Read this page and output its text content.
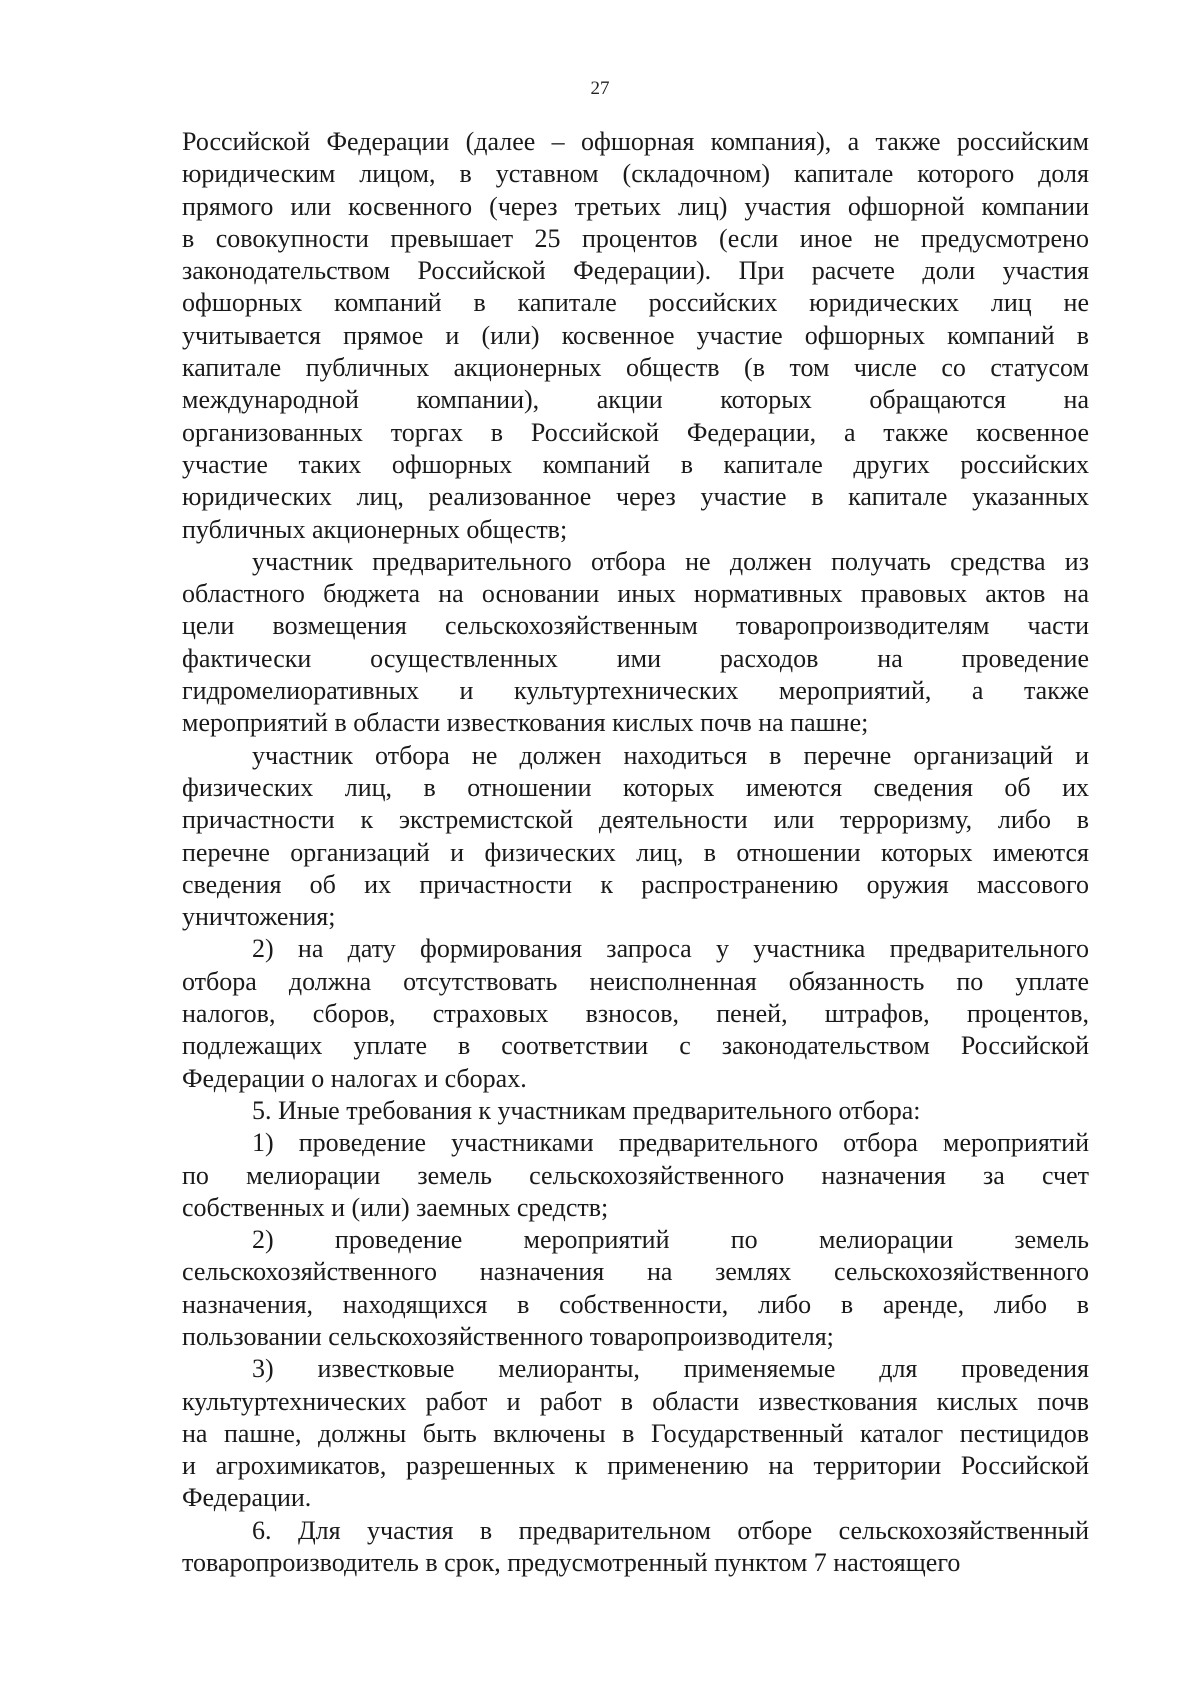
27
Российской Федерации (далее – офшорная компания), а также российским
юридическим лицом, в уставном (складочном) капитале которого доля
прямого или косвенного (через третьих лиц) участия офшорной компании
в совокупности превышает 25 процентов (если иное не предусмотрено
законодательством Российской Федерации). При расчете доли участия
офшорных компаний в капитале российских юридических лиц не
учитывается прямое и (или) косвенное участие офшорных компаний в
капитале публичных акционерных обществ (в том числе со статусом
международной компании), акции которых обращаются на
организованных торгах в Российской Федерации, а также косвенное
участие таких офшорных компаний в капитале других российских
юридических лиц, реализованное через участие в капитале указанных
публичных акционерных обществ;
участник предварительного отбора не должен получать средства из
областного бюджета на основании иных нормативных правовых актов на
цели возмещения сельскохозяйственным товаропроизводителям части
фактически осуществленных ими расходов на проведение
гидромелиоративных и культуртехнических мероприятий, а также
мероприятий в области известкования кислых почв на пашне;
участник отбора не должен находиться в перечне организаций и
физических лиц, в отношении которых имеются сведения об их
причастности к экстремистской деятельности или терроризму, либо в
перечне организаций и физических лиц, в отношении которых имеются
сведения об их причастности к распространению оружия массового
уничтожения;
2) на дату формирования запроса у участника предварительного
отбора должна отсутствовать неисполненная обязанность по уплате
налогов, сборов, страховых взносов, пеней, штрафов, процентов,
подлежащих уплате в соответствии с законодательством Российской
Федерации о налогах и сборах.
5. Иные требования к участникам предварительного отбора:
1) проведение участниками предварительного отбора мероприятий
по мелиорации земель сельскохозяйственного назначения за счет
собственных и (или) заемных средств;
2) проведение мероприятий по мелиорации земель
сельскохозяйственного назначения на землях сельскохозяйственного
назначения, находящихся в собственности, либо в аренде, либо в
пользовании сельскохозяйственного товаропроизводителя;
3) известковые мелиоранты, применяемые для проведения
культуртехнических работ и работ в области известкования кислых почв
на пашне, должны быть включены в Государственный каталог пестицидов
и агрохимикатов, разрешенных к применению на территории Российской
Федерации.
6. Для участия в предварительном отборе сельскохозяйственный
товаропроизводитель в срок, предусмотренный пунктом 7 настоящего
